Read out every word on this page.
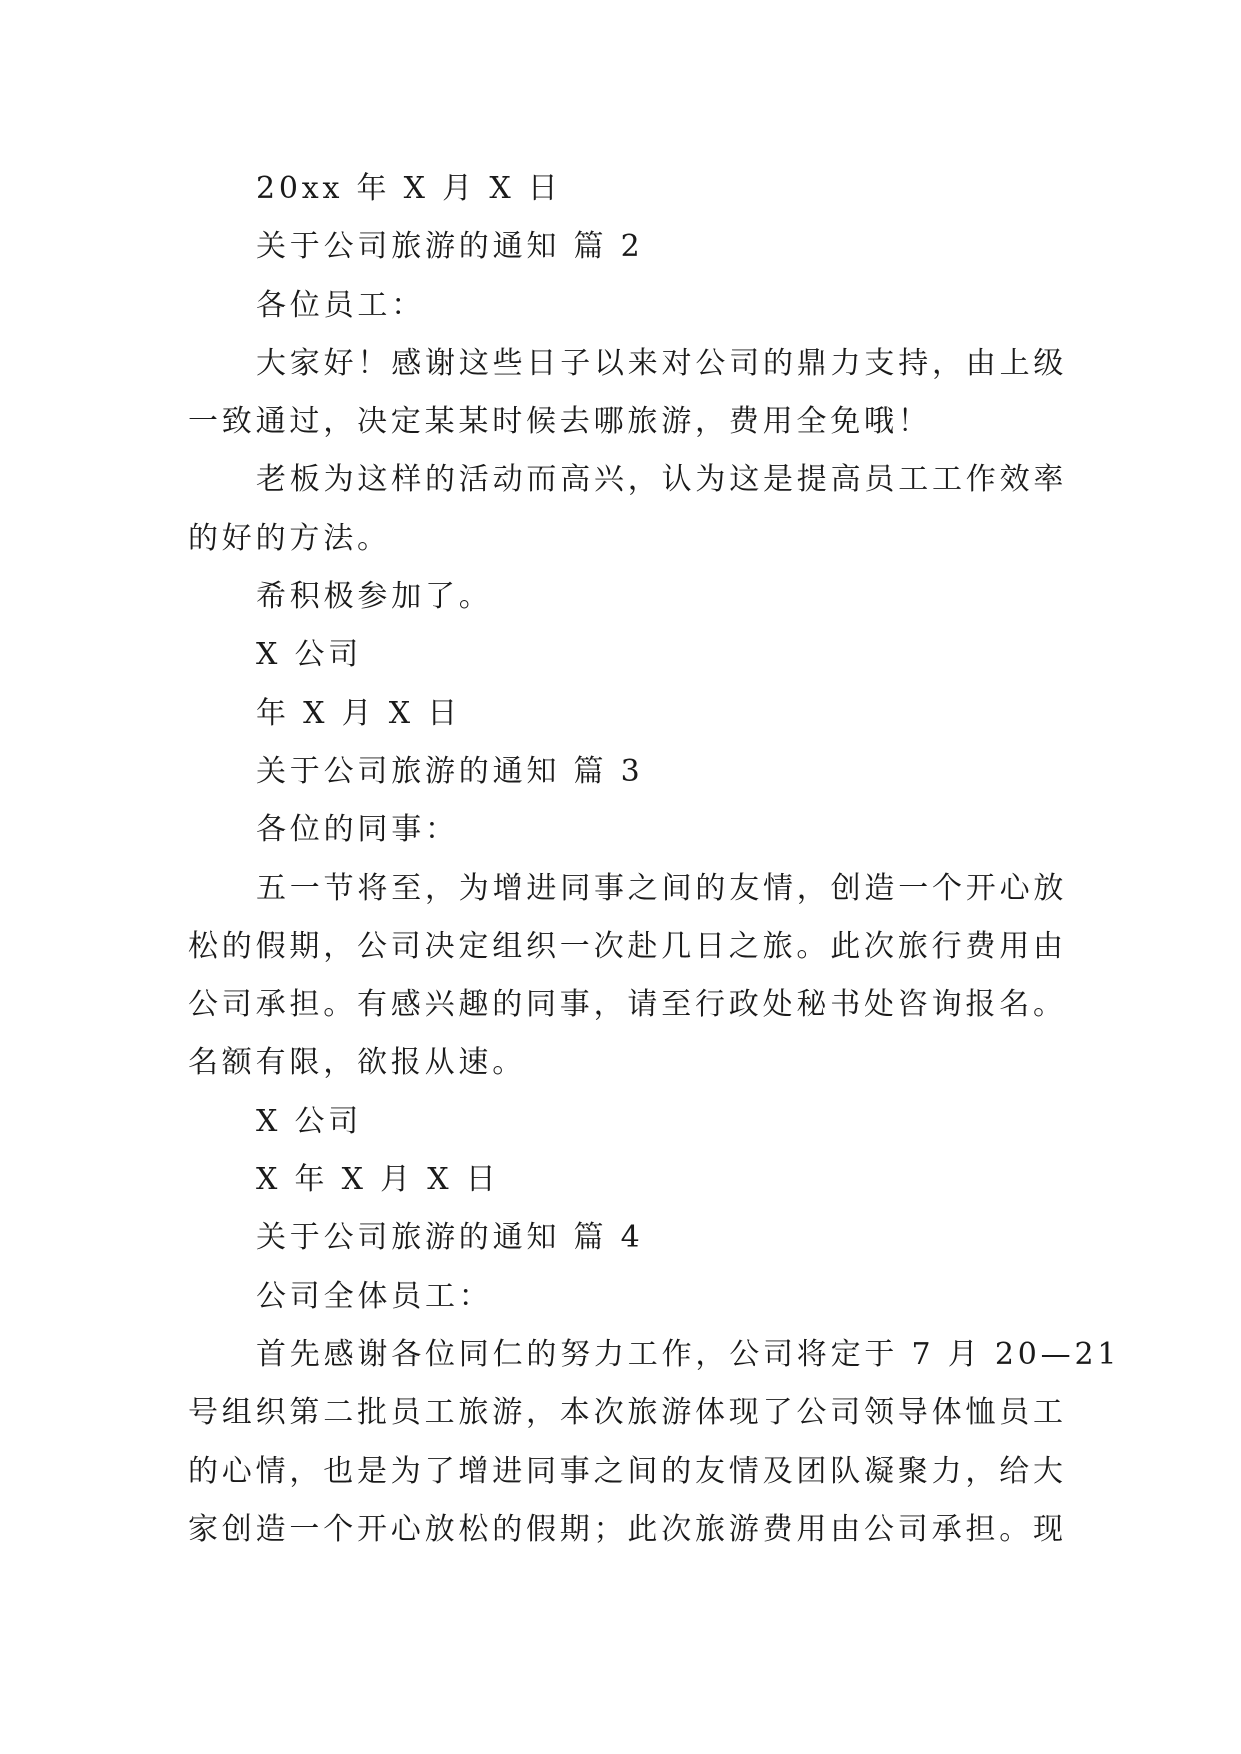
20xx 年 X 月 X 日
关于公司旅游的通知 篇 2
各位员工：
大家好！感谢这些日子以来对公司的鼎力支持，由上级
一致通过，决定某某时候去哪旅游，费用全免哦！
老板为这样的活动而高兴，认为这是提高员工工作效率
的好的方法。
希积极参加了。
X 公司
年 X 月 X 日
关于公司旅游的通知 篇 3
各位的同事：
五一节将至，为增进同事之间的友情，创造一个开心放
松的假期，公司决定组织一次赴几日之旅。此次旅行费用由
公司承担。有感兴趣的同事，请至行政处秘书处咨询报名。
名额有限，欲报从速。
X 公司
X 年 X 月 X 日
关于公司旅游的通知 篇 4
公司全体员工：
首先感谢各位同仁的努力工作，公司将定于 7 月 20—21
号组织第二批员工旅游，本次旅游体现了公司领导体恤员工
的心情，也是为了增进同事之间的友情及团队凝聚力，给大
家创造一个开心放松的假期；此次旅游费用由公司承担。现
